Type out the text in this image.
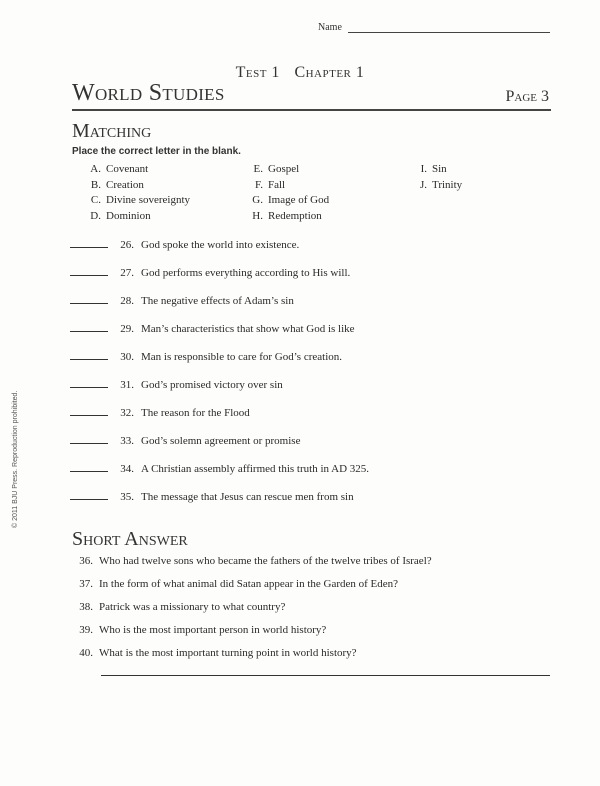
Name
Test 1 Chapter 1
World Studies	Page 3
Matching
Place the correct letter in the blank.
A. Covenant
B. Creation
C. Divine sovereignty
D. Dominion
E. Gospel
F. Fall
G. Image of God
H. Redemption
I. Sin
J. Trinity
26. God spoke the world into existence.
27. God performs everything according to His will.
28. The negative effects of Adam’s sin
29. Man’s characteristics that show what God is like
30. Man is responsible to care for God’s creation.
31. God’s promised victory over sin
32. The reason for the Flood
33. God’s solemn agreement or promise
34. A Christian assembly affirmed this truth in AD 325.
35. The message that Jesus can rescue men from sin
Short Answer
36. Who had twelve sons who became the fathers of the twelve tribes of Israel?
37. In the form of what animal did Satan appear in the Garden of Eden?
38. Patrick was a missionary to what country?
39. Who is the most important person in world history?
40. What is the most important turning point in world history?
© 2011 BJU Press. Reproduction prohibited.
